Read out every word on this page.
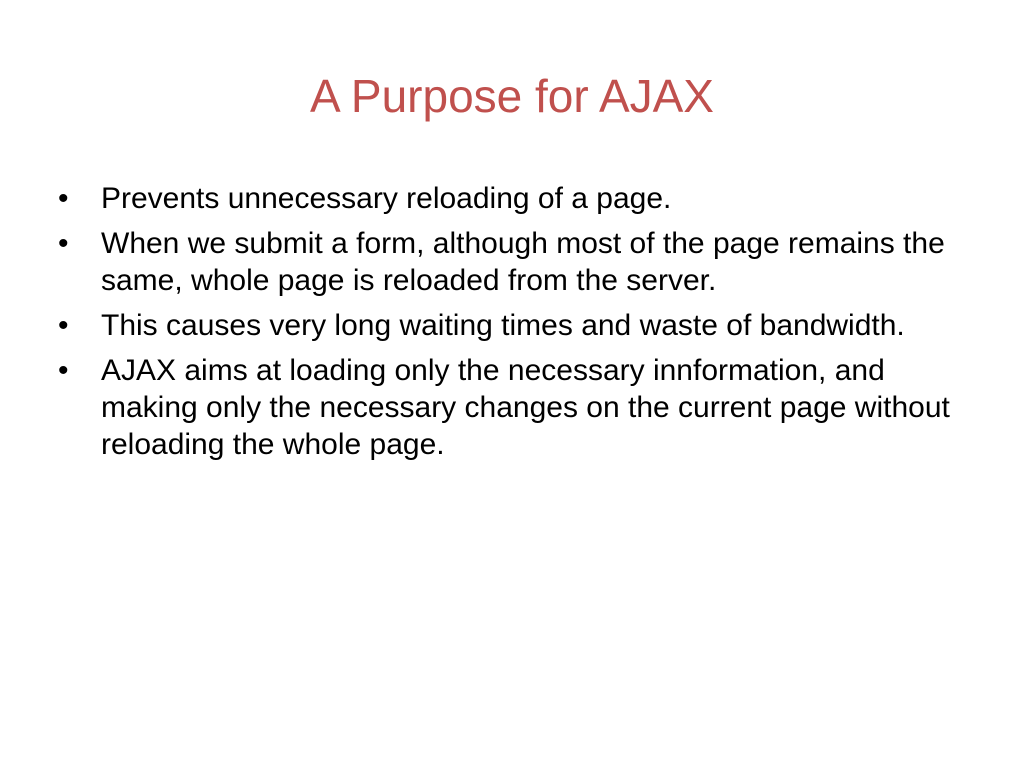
A Purpose for AJAX
•	Prevents unnecessary reloading of a page.
•	When we submit a form, although most of the page remains the same, whole page is reloaded from the server.
•	This causes very long waiting times and waste of bandwidth.
•	AJAX aims at loading only the necessary innformation, and making only the necessary changes on the current page without reloading the whole page.
